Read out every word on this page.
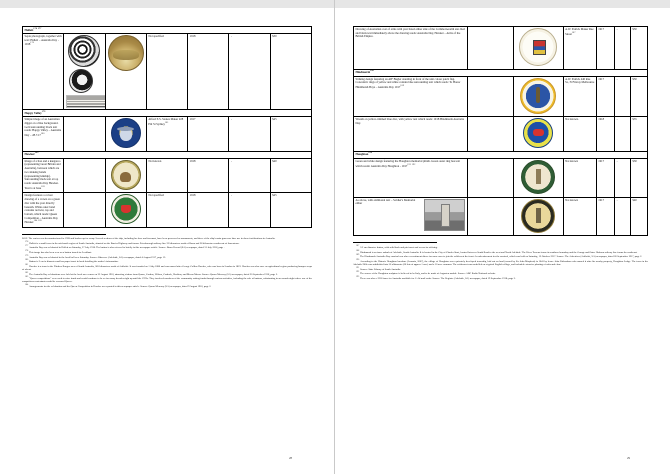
Hallett$^{176 177}$
Sepia photograph, together with text: Hallett – Australia Day - 1918$^{178}$			Not specified	1918	-	$30
Happy Valley$^{179}$
Simple image of an Australian digger on a blue background. Gold surrounding block text reads: Happy Valley – Australia Day – 28.7.17$^{180}$			Alfred E.S. Stokes Maker 228 Pitt St Sydney$^{181}$	1917	-	$45
Hawker$^{182}$
Image of a lion and a kangaroo (representing Great Britain and Australia), between which are two shaking hands (representing kinship). Surrounding black text at top reads: Australia Day Hawker. Year is at base$^{183}$			Not known	1918	-	$40
Design features a colour drawing of a crown on a green disc with the year directly beneath. White outer band contains red text, top and bottom, which reads: Queen Competition – Australia Day Hawker$^{184 185}$			Not specified	1918	-	$45

RAN. The cruiser was decommissioned in 1928 and broken up for scrap. Several sections of the ship, including her bow and foremast, have been preserved as monuments, and three of the ship's main guns saw later use in shore fortifications in Australia.

$^{176}$ Hallett is a small town in the mid-north region of South Australia, situated on the Barrier Highway and former Peterborough railway line 32 kilometres north of Burra and 38 kilometres south-east of Jamestown.

$^{177}$ Australia Day was celebrated in Hallett on Saturday, 27 July 1918. The button is also referred to briefly in this newspaper article. Source: Burra Record (SA) newspaper, dated 31 July 1918, page .

$^{178}$ This image has also been seen on a button issued for Lockhart.

$^{179}$ Australia Day was celebrated in the local hall on a Saturday. Source: Observer (Adelaide, SA) newspaper, dated 4 August 1917, page 13.

$^{180}$ Button is 2 cm in diameter and has paper insert in back detailing the maker's information.

$^{181}$ Hawker is a town in the Flinders Ranges area of South Australia, 365 kilometres north of Adelaide. It was founded on 1 July 1880 and was named after George Collins Hawker, who was born in London in 1819. Hawker was also once an agricultural region producing bumper crops of wheat.

$^{182}$ The Australia Day celebrations were held at the local race course on 22 August 1918, attracting visitors from Quorn, Gordon, Wilson, Cradock, Hookina, and Merna Merna. Source: Quorn Mercury (SA) newspaper, dated 20 September 1918, page 3.

$^{183}$ "Queen competitions" were used to raise funds and would continue to be so for many decades right up until the 1970s. They involved members of the community raising funds through various activities, including the sale of buttons, culminating in an awards night where one of the competitors contestants would be crowned Queen.

$^{184}$ Arrangements for the celebration and the Queen Competition in Hawker are reported in this newspaper article. Source: Quorn Mercury (SA) newspaper, dated 9 August 1918, page 2.

28
Drawing of Australian coat of arms with year listed either side of the Commonwealth star. Red and black text immediately above the drawing reads: Australia Day, Hawker – Arms of the British Empire.			A.W. Patrick Maker Rae Street$^{187}$	1917	-	$50
Hindmarsh$^{188}$
Striking design featuring an AIF Bugler standing in front of the unit colour patch flag. Concentric rings of yellow and white contain blue surrounding text which reads: To Honor Hindmarsh Boys – Australia Day 1917$^{189}$			A.W. Patrick 440 Rae St., N Fitzroy Melbourne	1917	-	$50
Wreath on yellow-rimmed blue disc, with yellow text which reads: 1918 Hindmarsh Australia Day.			Not known.	1918	-	$35
Houghton$^{190}$
Green and white design featuring the Houghton memorial plinth. Green outer ring has text which reads: Australia Day Houghton - $1917^{191 192}$			Not known	1917	-	$30

As above, with additional text – Soldier's Memorial either			Not known	1917	-	$40

$^{187}$ 3.2 cm diameter button, with solid back and pin insert and recess for affixing.

$^{188}$ Hindmarsh is an inner suburb of Adelaide, South Australia. It is located in the City of Charles Sturt, located between South Road to the west and North Adelaide. The River Torrens forms its southern boundary and the Grange and Outer Harbour railway line forms the northeast.

$^{189}$ The Hindmarsh Australia Day carnival was also a recruitment driver for more men to join the soldiers at the front. An advertisement for the carnival, which was held on Saturday, 13 October 1917. Source: The Advertiser (Adelaide, SA) newspaper, dated 26 September 1917, page 2.

$^{190}$ According to the Historic Houghton brochure (Jermain, 2007), the village of Houghton was a privately developed township, laid out on land (owned by Sir John Morphett) in 1841 by lessee John Richardson who named it after his nearby property, Houghton Lodge. The town in the Adelaide Hills was subdivided into 50 allotments (38 lots of approx 1 acre) and a 10 acre common. The settlement was modelled on a typical English village, and included extensive planting of oaks and elms.

$^{191}$ Source: State Library of South Australia.

$^{192}$ The source of the Houghton sculpture is believed to be Italy, and to be made of Augusten marble. Source: ABC Radio National website.

$^{193}$ There was also a 1918 issue for Australia available for 1/-1d mail order. Source: The Register (Adelaide, SA) newspaper, dated 19 September 1918; page 2.

29
